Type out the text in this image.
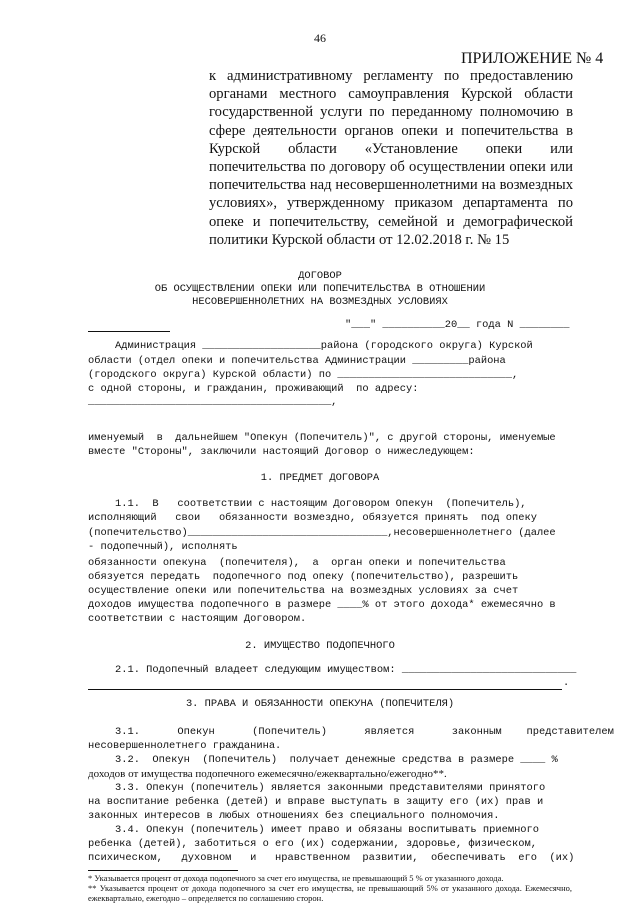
46
ПРИЛОЖЕНИЕ № 4
к административному регламенту по предоставлению органами местного самоуправления Курской области государственной услуги по переданному полномочию в сфере деятельности органов опеки и попечительства в Курской области «Установление опеки или попечительства по договору об осуществлении опеки или попечительства над несовершеннолетними на возмездных условиях», утвержденному приказом департамента по опеке и попечительству, семейной и демографической политики Курской области от 12.02.2018 г. № 15
ДОГОВОР
ОБ ОСУЩЕСТВЛЕНИИ ОПЕКИ ИЛИ ПОПЕЧИТЕЛЬСТВА В ОТНОШЕНИИ
НЕСОВЕРШЕННОЛЕТНИХ НА ВОЗМЕЗДНЫХ УСЛОВИЯХ
"___" __________20__ года N ________
Администрация ___________________района (городского округа) Курской
области (отдел опеки и попечительства Администрации _________района
(городского округа) Курской области) по ____________________________,
с одной стороны, и гражданин, проживающий  по адресу:
_______________________________________,
именуемый  в  дальнейшем "Опекун (Попечитель)", с другой стороны, именуемые
вместе "Стороны", заключили настоящий Договор о нижеследующем:
1. ПРЕДМЕТ ДОГОВОРА
1.1.  В   соответствии с настоящим Договором Опекун  (Попечитель),
исполняющий   свои   обязанности возмездно, обязуется принять  под опеку
(попечительство)________________________________,несовершеннолетнего (далее
- подопечный), исполнять
обязанности опекуна  (попечителя),  а  орган опеки и попечительства
обязуется передать  подопечного под опеку (попечительство), разрешить
осуществление опеки или попечительства на возмездных условиях за счет
доходов имущества подопечного в размере ____% от этого дохода* ежемесячно в
соответствии с настоящим Договором.
2. ИМУЩЕСТВО ПОДОПЕЧНОГО
2.1. Подопечный владеет следующим имуществом: ____________________________
.
3. ПРАВА И ОБЯЗАННОСТИ ОПЕКУНА (ПОПЕЧИТЕЛЯ)
3.1.      Опекун      (Попечитель)      является      законным    представителем
несовершеннолетнего гражданина.
3.2.  Опекун  (Попечитель)  получает денежные средства в размере ____ %
доходов от имущества подопечного ежемесячно/ежеквартально/ежегодно**.
3.3. Опекун (попечитель) является законными представителями принятого
на воспитание ребенка (детей) и вправе выступать в защиту его (их) прав и
законных интересов в любых отношениях без специального полномочия.
3.4. Опекун (попечитель) имеет право и обязаны воспитывать приемного
ребенка (детей), заботиться о его (их) содержании, здоровье, физическом,
психическом,   духовном   и   нравственном  развитии,  обеспечивать  его  (их)
* Указывается процент от дохода подопечного за счет его имущества, не превышающий 5 % от указанного дохода.
** Указывается процент от дохода подопечного за счет его имущества, не превышающий 5% от указанного дохода. Ежемесячно, ежеквартально, ежегодно – определяется по соглашению сторон.
